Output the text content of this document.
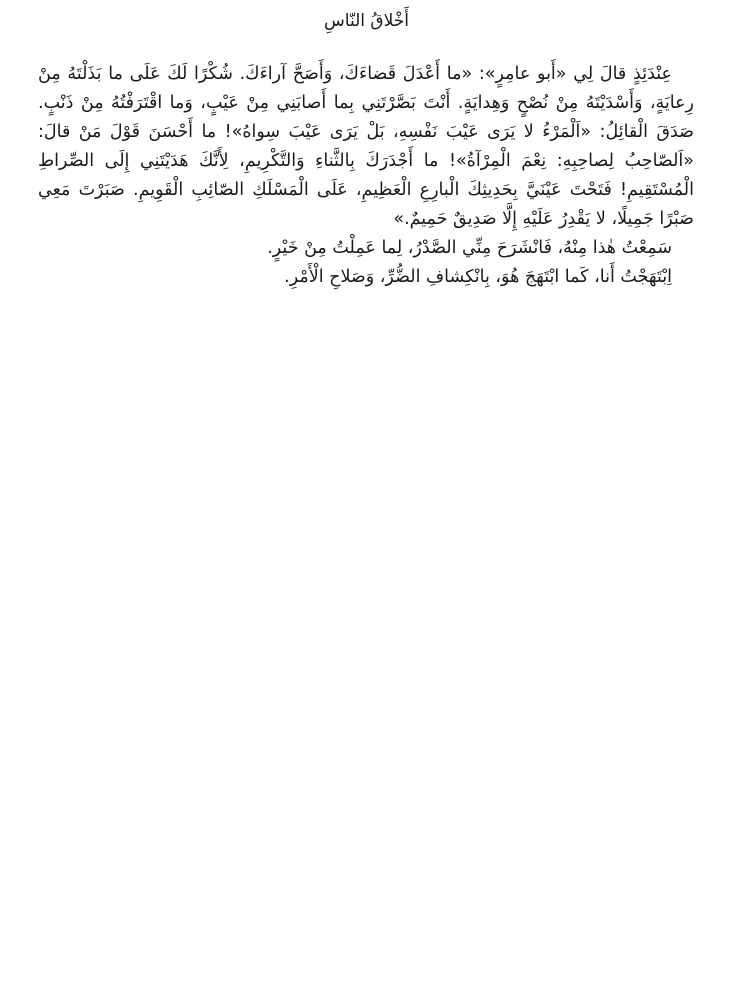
أَخْلاقُ النّاسِ

عِنْدَئِذٍ قالَ لِي «أَبو عامِرٍ»: «ما أَعْدَلَ قَضاءَكَ، وَأَصَحَّ آراءَكَ. شُكْرًا لَكَ عَلَى ما بَذَلْتَهُ مِنْ رِعايَةٍ، وَأَسْدَيْتَهُ مِنْ نُصْحٍ وَهِدايَةٍ. أَنْتَ بَصَّرْتَنِي بِما أَصابَنِي مِنْ عَيْبٍ، وَما اقْتَرَفْتُهُ مِنْ ذَنْبٍ. صَدَقَ الْقائِلُ: «اَلْمَرْءُ لا يَرَى عَيْبَ نَفْسِهِ، بَلْ يَرَى عَيْبَ سِواهُ»! ما أَحْسَنَ قَوْلَ مَنْ قالَ: «اَلصّاحِبُ لِصاحِبِهِ: نِعْمَ الْمِرْآةُ»! ما أَجْدَرَكَ بِالثَّناءِ وَالتَّكْرِيمِ، لِأَنَّكَ هَدَيْتَنِي إِلَى الصِّراطِ الْمُسْتَقِيمِ! فَتَحْتَ عَيْنَيَّ بِحَدِيثِكَ الْبارِعِ الْعَظِيمِ، عَلَى الْمَسْلَكِ الصّائِبِ الْقَوِيمِ. صَبَرْتَ مَعِي صَبْرًا جَمِيلًا، لا يَقْدِرُ عَلَيْهِ إِلَّا صَدِيقٌ حَمِيمٌ.»

سَمِعْتُ هٰذا مِنْهُ، فَانْشَرَحَ مِنِّي الصَّدْرُ، لِما عَمِلْتُ مِنْ خَيْرٍ.

اِبْتَهَجْتُ أَنا، كَما ابْتَهَجَ هُوَ، بِانْكِشافِ الضُّرِّ، وَصَلاحِ الْأَمْرِ.
